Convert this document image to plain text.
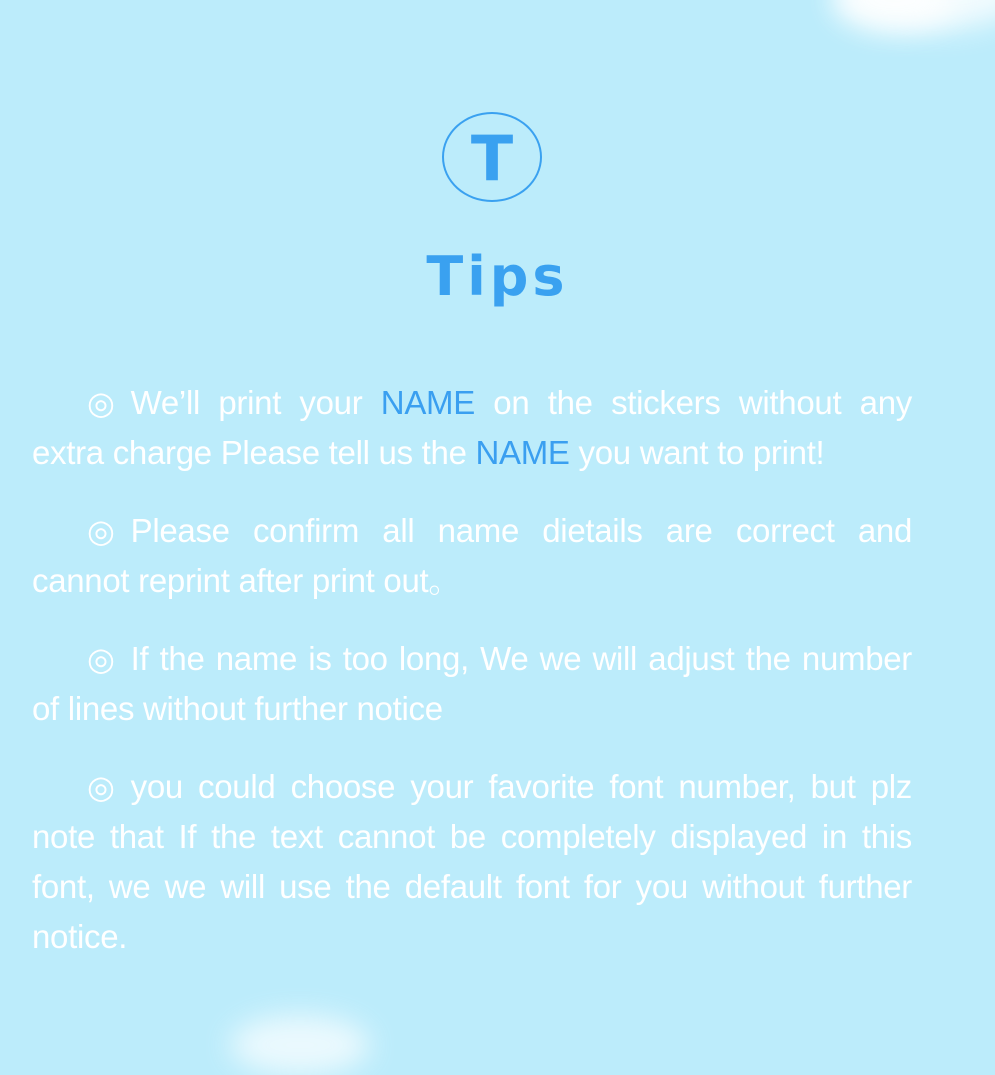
T
Tips

◎ We’ll print your NAME on the stickers without any extra charge Please tell us the NAME you want to print!

◎ Please confirm all name dietails are correct and cannot reprint after print out。

◎ If the name is too long, We we will adjust the number of lines without further notice

◎ you could choose your favorite font number, but plz note that If the text cannot be completely displayed in this font, we we will use the default font for you without further notice.
